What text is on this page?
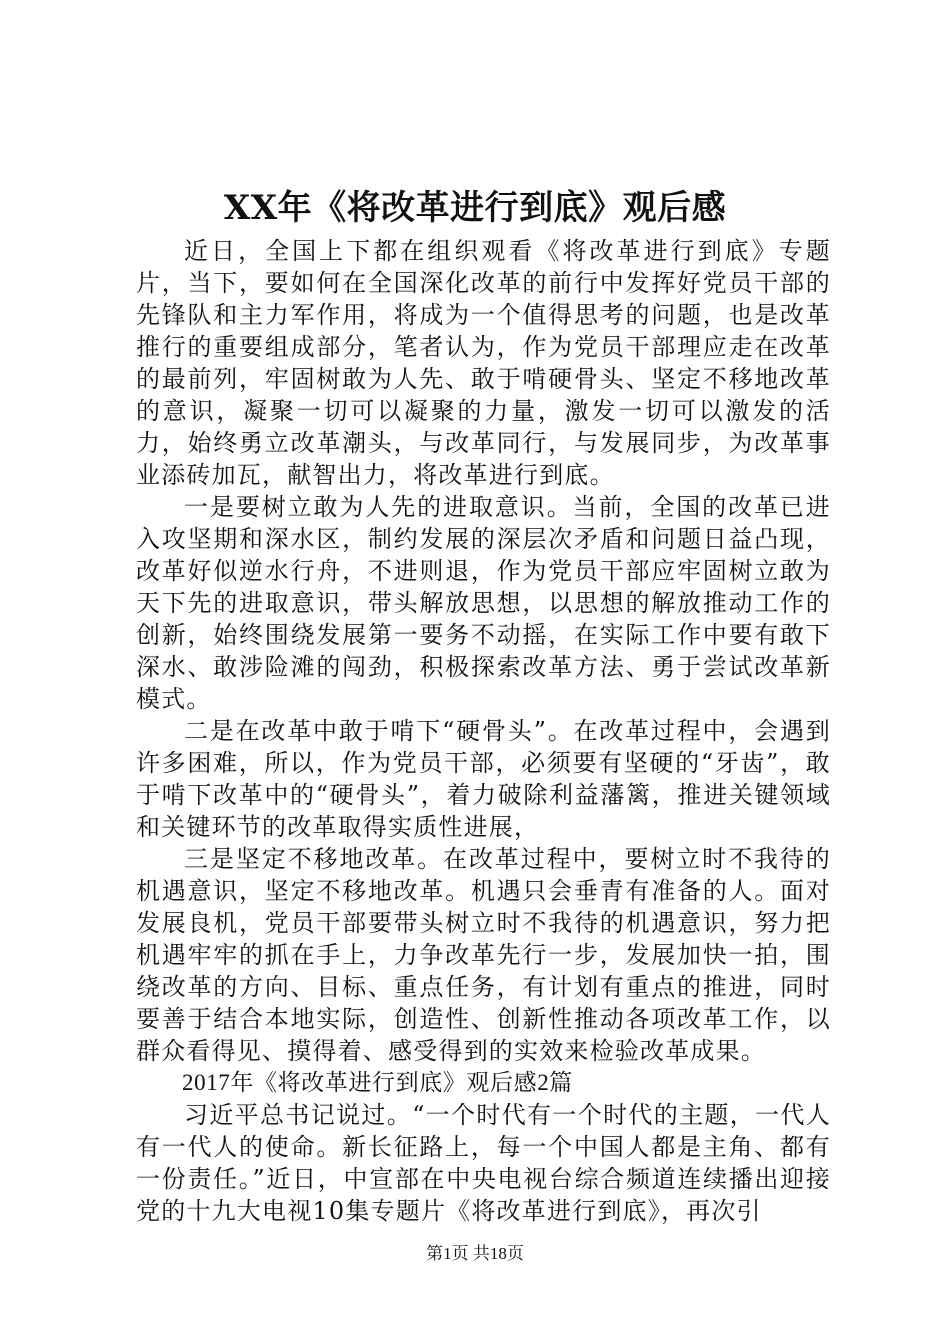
XX年《将改革进行到底》观后感

近日，全国上下都在组织观看《将改革进行到底》专题片，当下，要如何在全国深化改革的前行中发挥好党员干部的先锋队和主力军作用，将成为一个值得思考的问题，也是改革推行的重要组成部分，笔者认为，作为党员干部理应走在改革的最前列，牢固树敢为人先、敢于啃硬骨头、坚定不移地改革的意识，凝聚一切可以凝聚的力量，激发一切可以激发的活力，始终勇立改革潮头，与改革同行，与发展同步，为改革事业添砖加瓦，献智出力，将改革进行到底。

一是要树立敢为人先的进取意识。当前，全国的改革已进入攻坚期和深水区，制约发展的深层次矛盾和问题日益凸现，改革好似逆水行舟，不进则退，作为党员干部应牢固树立敢为天下先的进取意识，带头解放思想，以思想的解放推动工作的创新，始终围绕发展第一要务不动摇，在实际工作中要有敢下深水、敢涉险滩的闯劲，积极探索改革方法、勇于尝试改革新模式。

二是在改革中敢于啃下“硬骨头”。在改革过程中，会遇到许多困难，所以，作为党员干部，必须要有坚硬的“牙齿”，敢于啃下改革中的“硬骨头”，着力破除利益藩篱，推进关键领域和关键环节的改革取得实质性进展，

三是坚定不移地改革。在改革过程中，要树立时不我待的机遇意识，坚定不移地改革。机遇只会垂青有准备的人。面对发展良机，党员干部要带头树立时不我待的机遇意识，努力把机遇牢牢的抓在手上，力争改革先行一步，发展加快一拍，围绕改革的方向、目标、重点任务，有计划有重点的推进，同时要善于结合本地实际，创造性、创新性推动各项改革工作，以群众看得见、摸得着、感受得到的实效来检验改革成果。

2017年《将改革进行到底》观后感2篇

习近平总书记说过。“一个时代有一个时代的主题，一代人有一代人的使命。新长征路上，每一个中国人都是主角、都有一份责任。”近日，中宣部在中央电视台综合频道连续播出迎接党的十九大电视10集专题片《将改革进行到底》，再次引

第1页 共18页
